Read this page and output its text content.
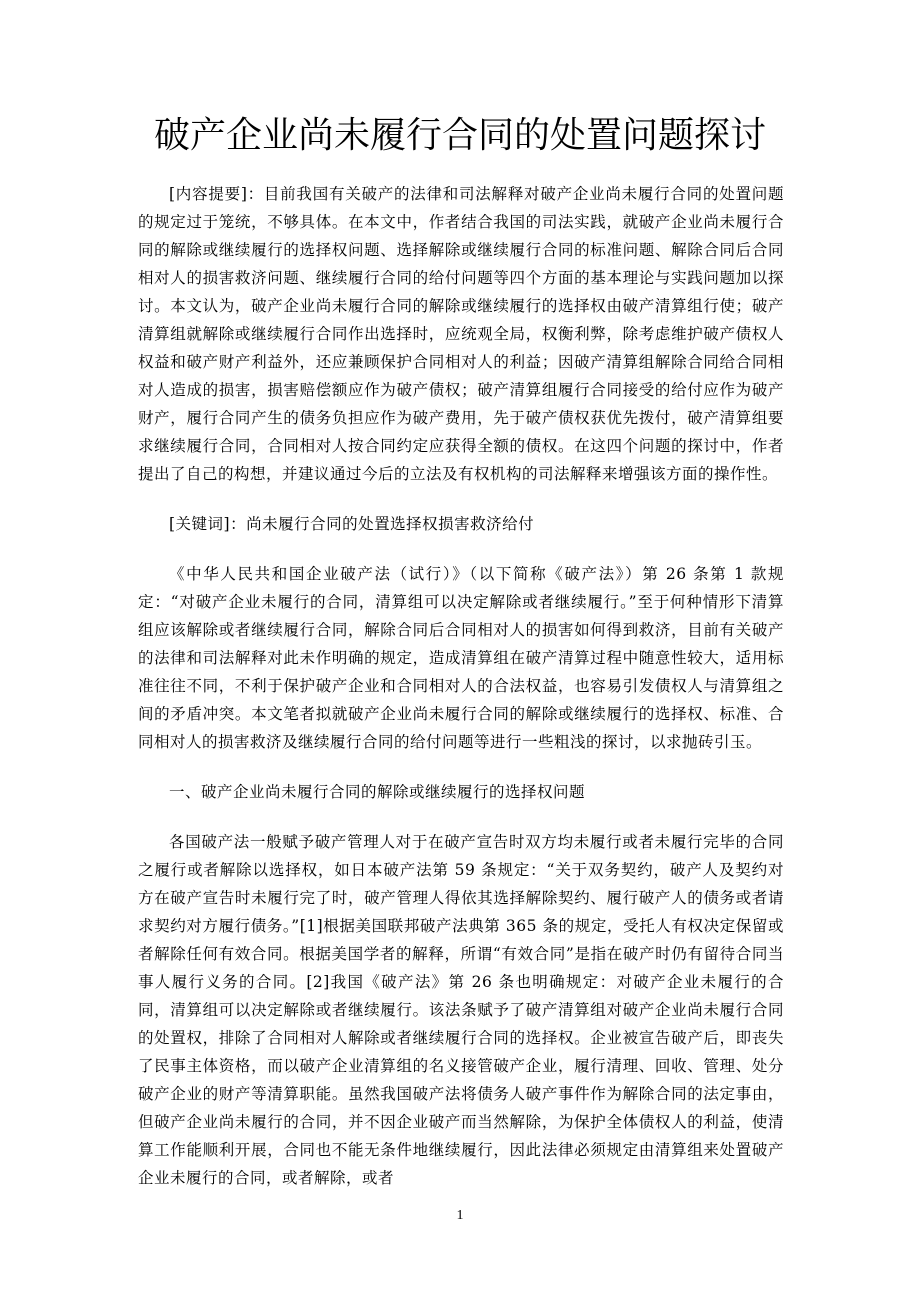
破产企业尚未履行合同的处置问题探讨

[内容提要]：目前我国有关破产的法律和司法解释对破产企业尚未履行合同的处置问题的规定过于笼统，不够具体。在本文中，作者结合我国的司法实践，就破产企业尚未履行合同的解除或继续履行的选择权问题、选择解除或继续履行合同的标准问题、解除合同后合同相对人的损害救济问题、继续履行合同的给付问题等四个方面的基本理论与实践问题加以探讨。本文认为，破产企业尚未履行合同的解除或继续履行的选择权由破产清算组行使；破产清算组就解除或继续履行合同作出选择时，应统观全局，权衡利弊，除考虑维护破产债权人权益和破产财产利益外，还应兼顾保护合同相对人的利益；因破产清算组解除合同给合同相对人造成的损害，损害赔偿额应作为破产债权；破产清算组履行合同接受的给付应作为破产财产，履行合同产生的债务负担应作为破产费用，先于破产债权获优先拨付，破产清算组要求继续履行合同，合同相对人按合同约定应获得全额的债权。在这四个问题的探讨中，作者提出了自己的构想，并建议通过今后的立法及有权机构的司法解释来增强该方面的操作性。

[关键词]：尚未履行合同的处置选择权损害救济给付

《中华人民共和国企业破产法（试行）》（以下简称《破产法》）第 26 条第 1 款规定：“对破产企业未履行的合同，清算组可以决定解除或者继续履行。”至于何种情形下清算组应该解除或者继续履行合同，解除合同后合同相对人的损害如何得到救济，目前有关破产的法律和司法解释对此未作明确的规定，造成清算组在破产清算过程中随意性较大，适用标准往往不同，不利于保护破产企业和合同相对人的合法权益，也容易引发债权人与清算组之间的矛盾冲突。本文笔者拟就破产企业尚未履行合同的解除或继续履行的选择权、标准、合同相对人的损害救济及继续履行合同的给付问题等进行一些粗浅的探讨，以求抛砖引玉。

一、破产企业尚未履行合同的解除或继续履行的选择权问题

各国破产法一般赋予破产管理人对于在破产宣告时双方均未履行或者未履行完毕的合同之履行或者解除以选择权，如日本破产法第 59 条规定：“关于双务契约，破产人及契约对方在破产宣告时未履行完了时，破产管理人得依其选择解除契约、履行破产人的债务或者请求契约对方履行债务。”[1]根据美国联邦破产法典第 365 条的规定，受托人有权决定保留或者解除任何有效合同。根据美国学者的解释，所谓“有效合同”是指在破产时仍有留待合同当事人履行义务的合同。[2]我国《破产法》第 26 条也明确规定：对破产企业未履行的合同，清算组可以决定解除或者继续履行。该法条赋予了破产清算组对破产企业尚未履行合同的处置权，排除了合同相对人解除或者继续履行合同的选择权。企业被宣告破产后，即丧失了民事主体资格，而以破产企业清算组的名义接管破产企业，履行清理、回收、管理、处分破产企业的财产等清算职能。虽然我国破产法将债务人破产事件作为解除合同的法定事由，但破产企业尚未履行的合同，并不因企业破产而当然解除，为保护全体债权人的利益，使清算工作能顺利开展，合同也不能无条件地继续履行，因此法律必须规定由清算组来处置破产企业未履行的合同，或者解除，或者

1
